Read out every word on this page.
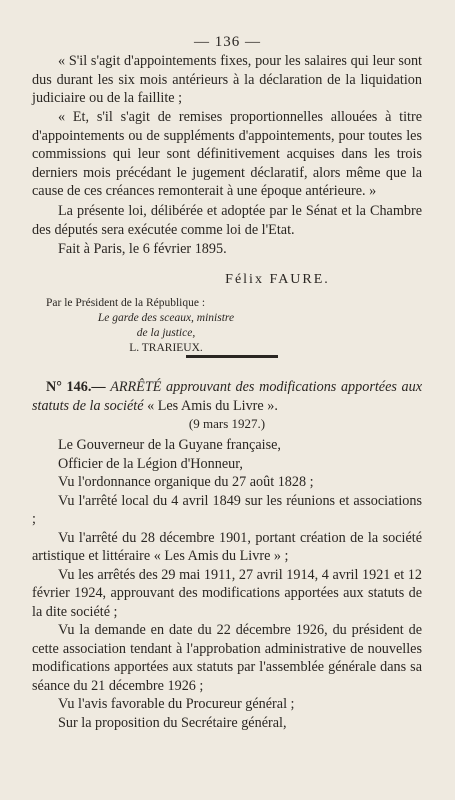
— 136 —

« S'il s'agit d'appointements fixes, pour les salaires qui leur sont dus durant les six mois antérieurs à la déclaration de la liquidation judiciaire ou de la faillite ;

« Et, s'il s'agit de remises proportionnelles allouées à titre d'appointements ou de suppléments d'appointements, pour toutes les commissions qui leur sont définitivement acquises dans les trois derniers mois précédant le jugement déclaratif, alors même que la cause de ces créances remonterait à une époque antérieure. »

La présente loi, délibérée et adoptée par le Sénat et la Chambre des députés sera exécutée comme loi de l'Etat.

Fait à Paris, le 6 février 1895.

Félix FAURE.
Par le Président de la République :
Le garde des sceaux, ministre
de la justice,
L. TRARIEUX.

N° 146.— ARRÊTÉ approuvant des modifications apportées aux statuts de la société « Les Amis du Livre ».

(9 mars 1927.)

Le Gouverneur de la Guyane française,

Officier de la Légion d'Honneur,

Vu l'ordonnance organique du 27 août 1828 ;

Vu l'arrêté local du 4 avril 1849 sur les réunions et associations ;

Vu l'arrêté du 28 décembre 1901, portant création de la société artistique et littéraire « Les Amis du Livre » ;

Vu les arrêtés des 29 mai 1911, 27 avril 1914, 4 avril 1921 et 12 février 1924, approuvant des modifications apportées aux statuts de la dite société ;

Vu la demande en date du 22 décembre 1926, du président de cette association tendant à l'approbation administrative de nouvelles modifications apportées aux statuts par l'assemblée générale dans sa séance du 21 décembre 1926 ;

Vu l'avis favorable du Procureur général ;

Sur la proposition du Secrétaire général,
